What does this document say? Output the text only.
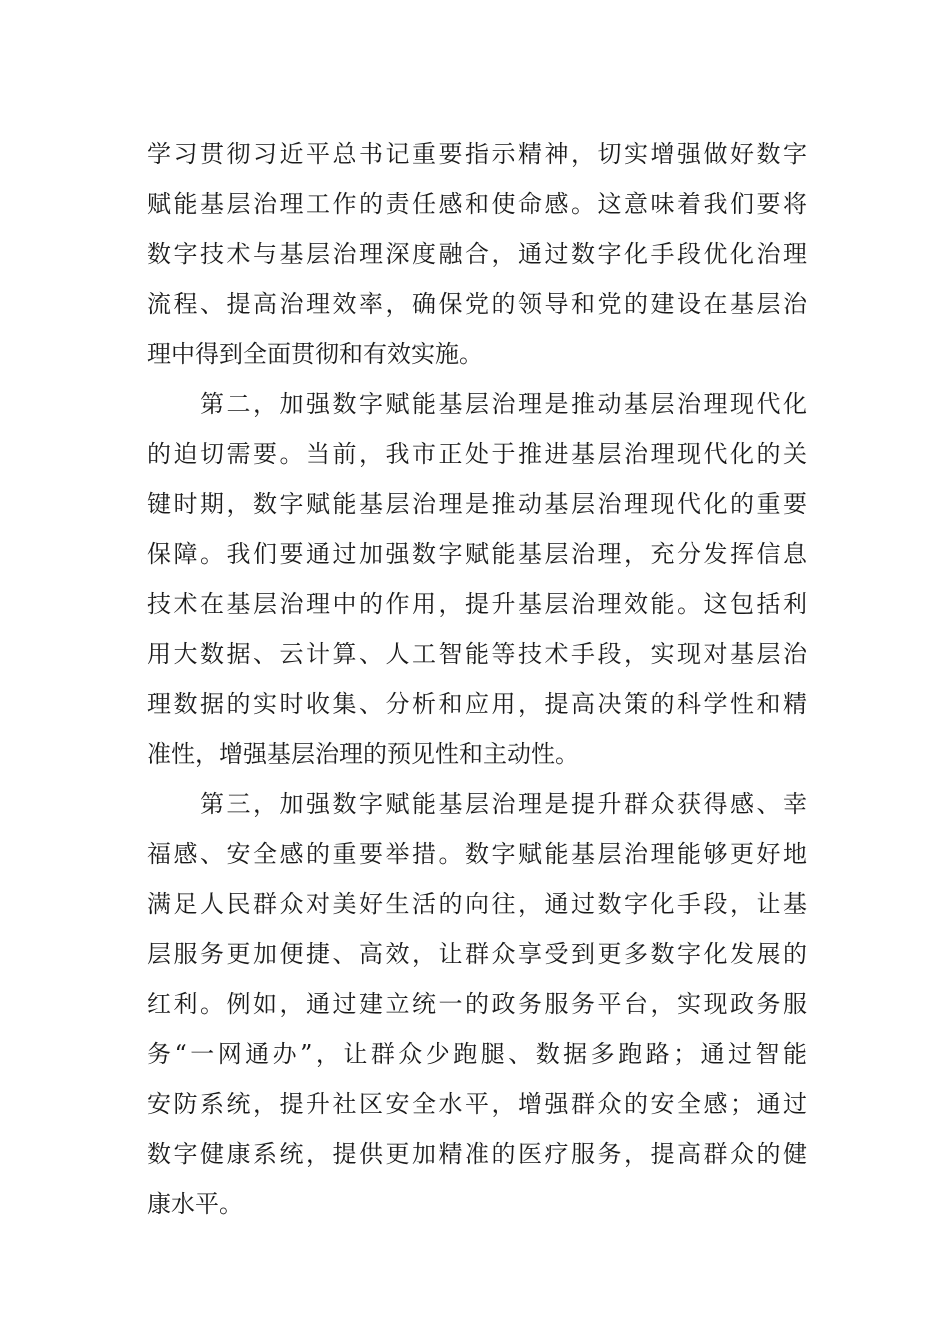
学习贯彻习近平总书记重要指示精神，切实增强做好数字
赋能基层治理工作的责任感和使命感。这意味着我们要将
数字技术与基层治理深度融合，通过数字化手段优化治理
流程、提高治理效率，确保党的领导和党的建设在基层治
理中得到全面贯彻和有效实施。
第二，加强数字赋能基层治理是推动基层治理现代化
的迫切需要。当前，我市正处于推进基层治理现代化的关
键时期，数字赋能基层治理是推动基层治理现代化的重要
保障。我们要通过加强数字赋能基层治理，充分发挥信息
技术在基层治理中的作用，提升基层治理效能。这包括利
用大数据、云计算、人工智能等技术手段，实现对基层治
理数据的实时收集、分析和应用，提高决策的科学性和精
准性，增强基层治理的预见性和主动性。
第三，加强数字赋能基层治理是提升群众获得感、幸
福感、安全感的重要举措。数字赋能基层治理能够更好地
满足人民群众对美好生活的向往，通过数字化手段，让基
层服务更加便捷、高效，让群众享受到更多数字化发展的
红利。例如，通过建立统一的政务服务平台，实现政务服
务“一网通办”，让群众少跑腿、数据多跑路；通过智能
安防系统，提升社区安全水平，增强群众的安全感；通过
数字健康系统，提供更加精准的医疗服务，提高群众的健
康水平。
